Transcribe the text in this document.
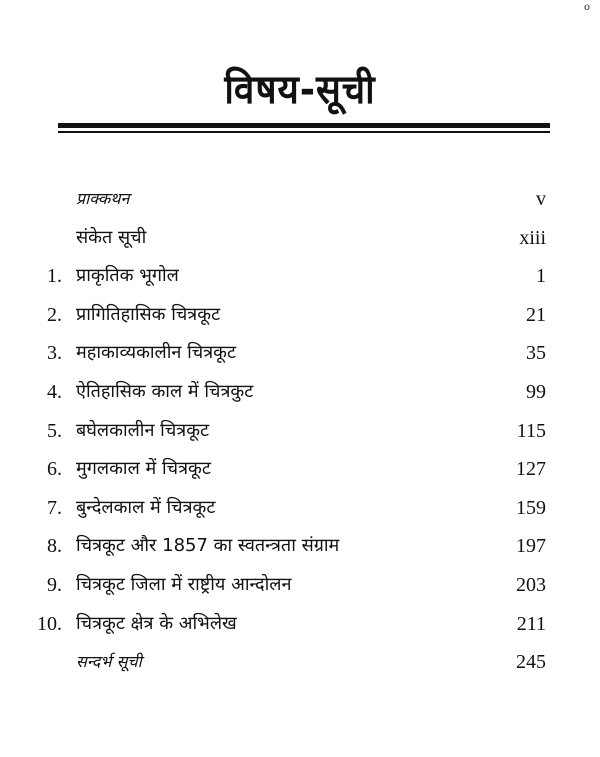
o
विषय-सूची
प्राक्कथन	v
संकेत सूची	xiii
1. प्राकृतिक भूगोल	1
2. प्रागितिहासिक चित्रकूट	21
3. महाकाव्यकालीन चित्रकूट	35
4. ऐतिहासिक काल में चित्रकुट	99
5. बघेलकालीन चित्रकूट	115
6. मुगलकाल में चित्रकूट	127
7. बुन्देलकाल में चित्रकूट	159
8. चित्रकूट और 1857 का स्वतन्त्रता संग्राम	197
9. चित्रकूट जिला में राष्ट्रीय आन्दोलन	203
10. चित्रकूट क्षेत्र के अभिलेख	211
सन्दर्भ सूची	245
